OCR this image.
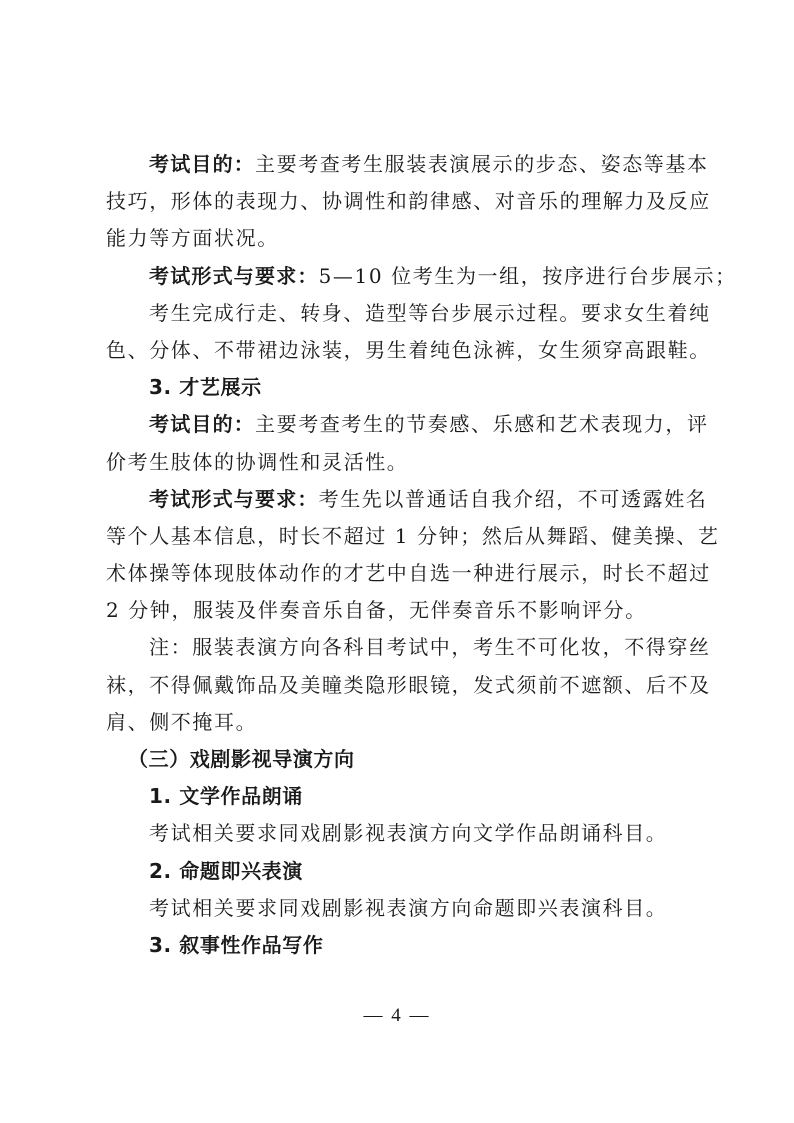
考试目的：主要考查考生服装表演展示的步态、姿态等基本
技巧，形体的表现力、协调性和韵律感、对音乐的理解力及反应
能力等方面状况。
考试形式与要求：5—10 位考生为一组，按序进行台步展示；
考生完成行走、转身、造型等台步展示过程。要求女生着纯
色、分体、不带裙边泳装，男生着纯色泳裤，女生须穿高跟鞋。
3. 才艺展示
考试目的：主要考查考生的节奏感、乐感和艺术表现力，评
价考生肢体的协调性和灵活性。
考试形式与要求：考生先以普通话自我介绍，不可透露姓名
等个人基本信息，时长不超过 1 分钟；然后从舞蹈、健美操、艺
术体操等体现肢体动作的才艺中自选一种进行展示，时长不超过
2 分钟，服装及伴奏音乐自备，无伴奏音乐不影响评分。
注：服装表演方向各科目考试中，考生不可化妆，不得穿丝
袜，不得佩戴饰品及美瞳类隐形眼镜，发式须前不遮额、后不及
肩、侧不掩耳。
（三）戏剧影视导演方向
1. 文学作品朗诵
考试相关要求同戏剧影视表演方向文学作品朗诵科目。
2. 命题即兴表演
考试相关要求同戏剧影视表演方向命题即兴表演科目。
3. 叙事性作品写作
— 4 —
